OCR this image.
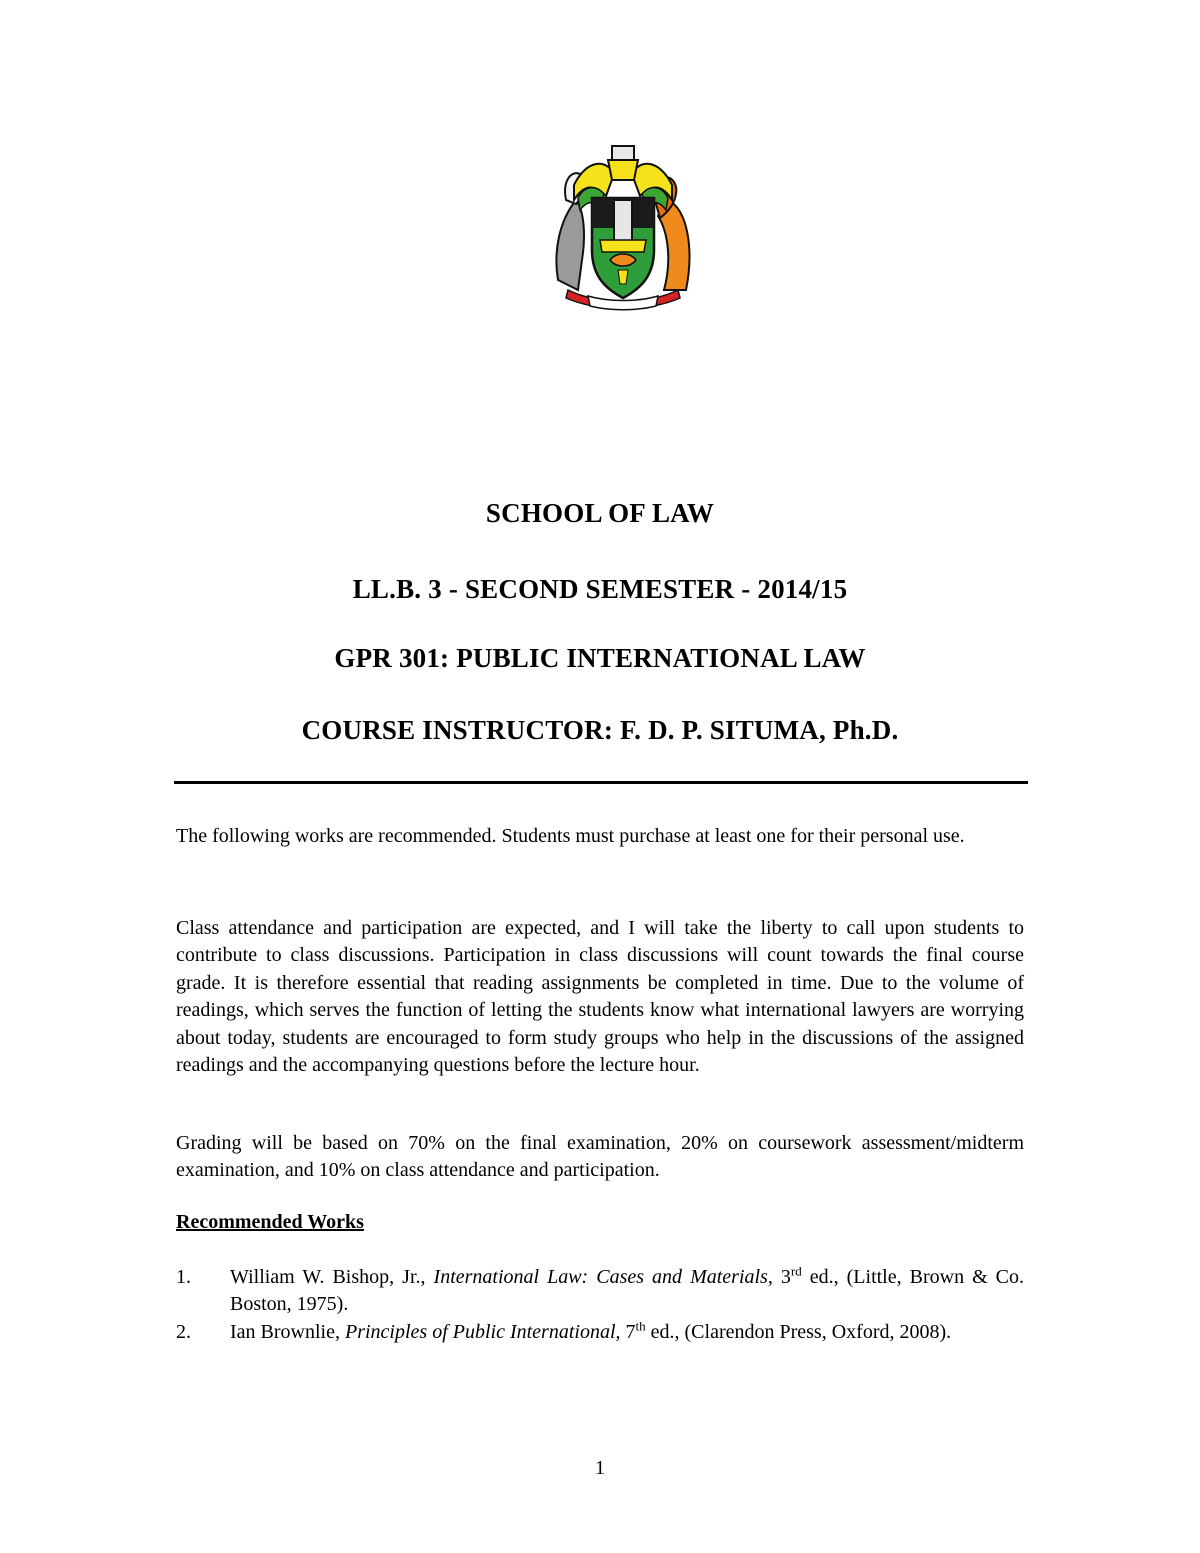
SCHOOL OF LAW
LL.B. 3 - SECOND SEMESTER - 2014/15
GPR 301: PUBLIC INTERNATIONAL LAW
COURSE INSTRUCTOR: F. D. P. SITUMA, Ph.D.

The following works are recommended. Students must purchase at least one for their personal use.

Class attendance and participation are expected, and I will take the liberty to call upon students to contribute to class discussions. Participation in class discussions will count towards the final course grade. It is therefore essential that reading assignments be completed in time. Due to the volume of readings, which serves the function of letting the students know what international lawyers are worrying about today, students are encouraged to form study groups who help in the discussions of the assigned readings and the accompanying questions before the lecture hour.

Grading will be based on 70% on the final examination, 20% on coursework assessment/midterm examination, and 10% on class attendance and participation.

Recommended Works
1. William W. Bishop, Jr., International Law: Cases and Materials, 3rd ed., (Little, Brown & Co. Boston, 1975).
2. Ian Brownlie, Principles of Public International, 7th ed., (Clarendon Press, Oxford, 2008).
1
